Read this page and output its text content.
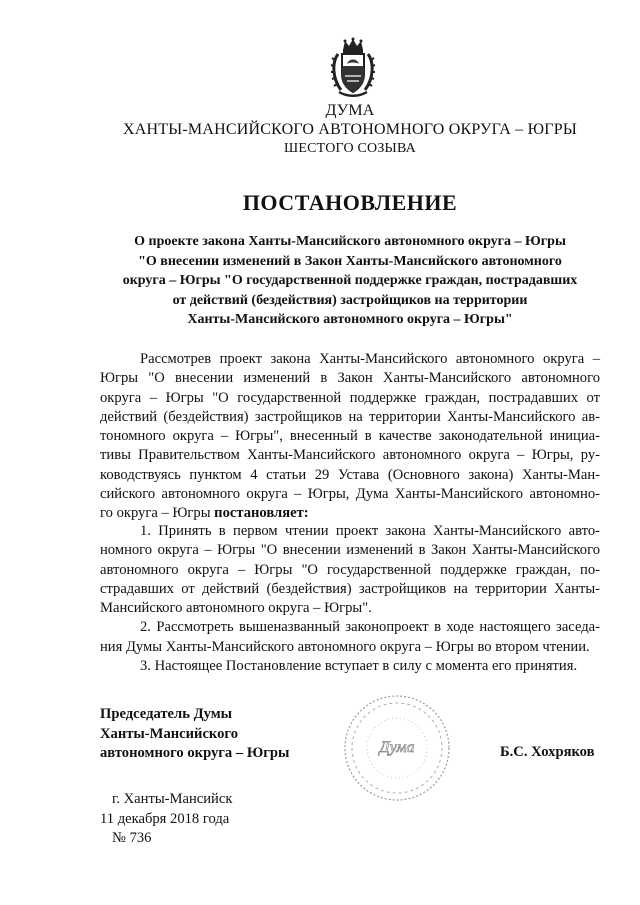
ДУМА
ХАНТЫ-МАНСИЙСКОГО АВТОНОМНОГО ОКРУГА – ЮГРЫ
ШЕСТОГО СОЗЫВА
ПОСТАНОВЛЕНИЕ
О проекте закона Ханты-Мансийского автономного округа – Югры
"О внесении изменений в Закон Ханты-Мансийского автономного
округа – Югры "О государственной поддержке граждан, пострадавших
от действий (бездействия) застройщиков на территории
Ханты-Мансийского автономного округа – Югры"
Рассмотрев проект закона Ханты-Мансийского автономного округа –
Югры "О внесении изменений в Закон Ханты-Мансийского автономного
округа – Югры "О государственной поддержке граждан, пострадавших от
действий (бездействия) застройщиков на территории Ханты-Мансийского ав-
тономного округа – Югры", внесенный в качестве законодательной инициа-
тивы Правительством Ханты-Мансийского автономного округа – Югры, ру-
ководствуясь пунктом 4 статьи 29 Устава (Основного закона) Ханты-Ман-
сийского автономного округа – Югры, Дума Ханты-Мансийского автономно-
го округа – Югры постановляет:
1. Принять в первом чтении проект закона Ханты-Мансийского авто-
номного округа – Югры "О внесении изменений в Закон Ханты-Мансийского
автономного округа – Югры "О государственной поддержке граждан, по-
страдавших от действий (бездействия) застройщиков на территории Ханты-
Мансийского автономного округа – Югры".
2. Рассмотреть вышеназванный законопроект в ходе настоящего заседа-
ния Думы Ханты-Мансийского автономного округа – Югры во втором чтении.
3. Настоящее Постановление вступает в силу с момента его принятия.
Дума
Председатель Думы
Ханты-Мансийского
автономного округа – Югры	Б.С. Хохряков
г. Ханты-Мансийск
11 декабря 2018 года
№ 736
